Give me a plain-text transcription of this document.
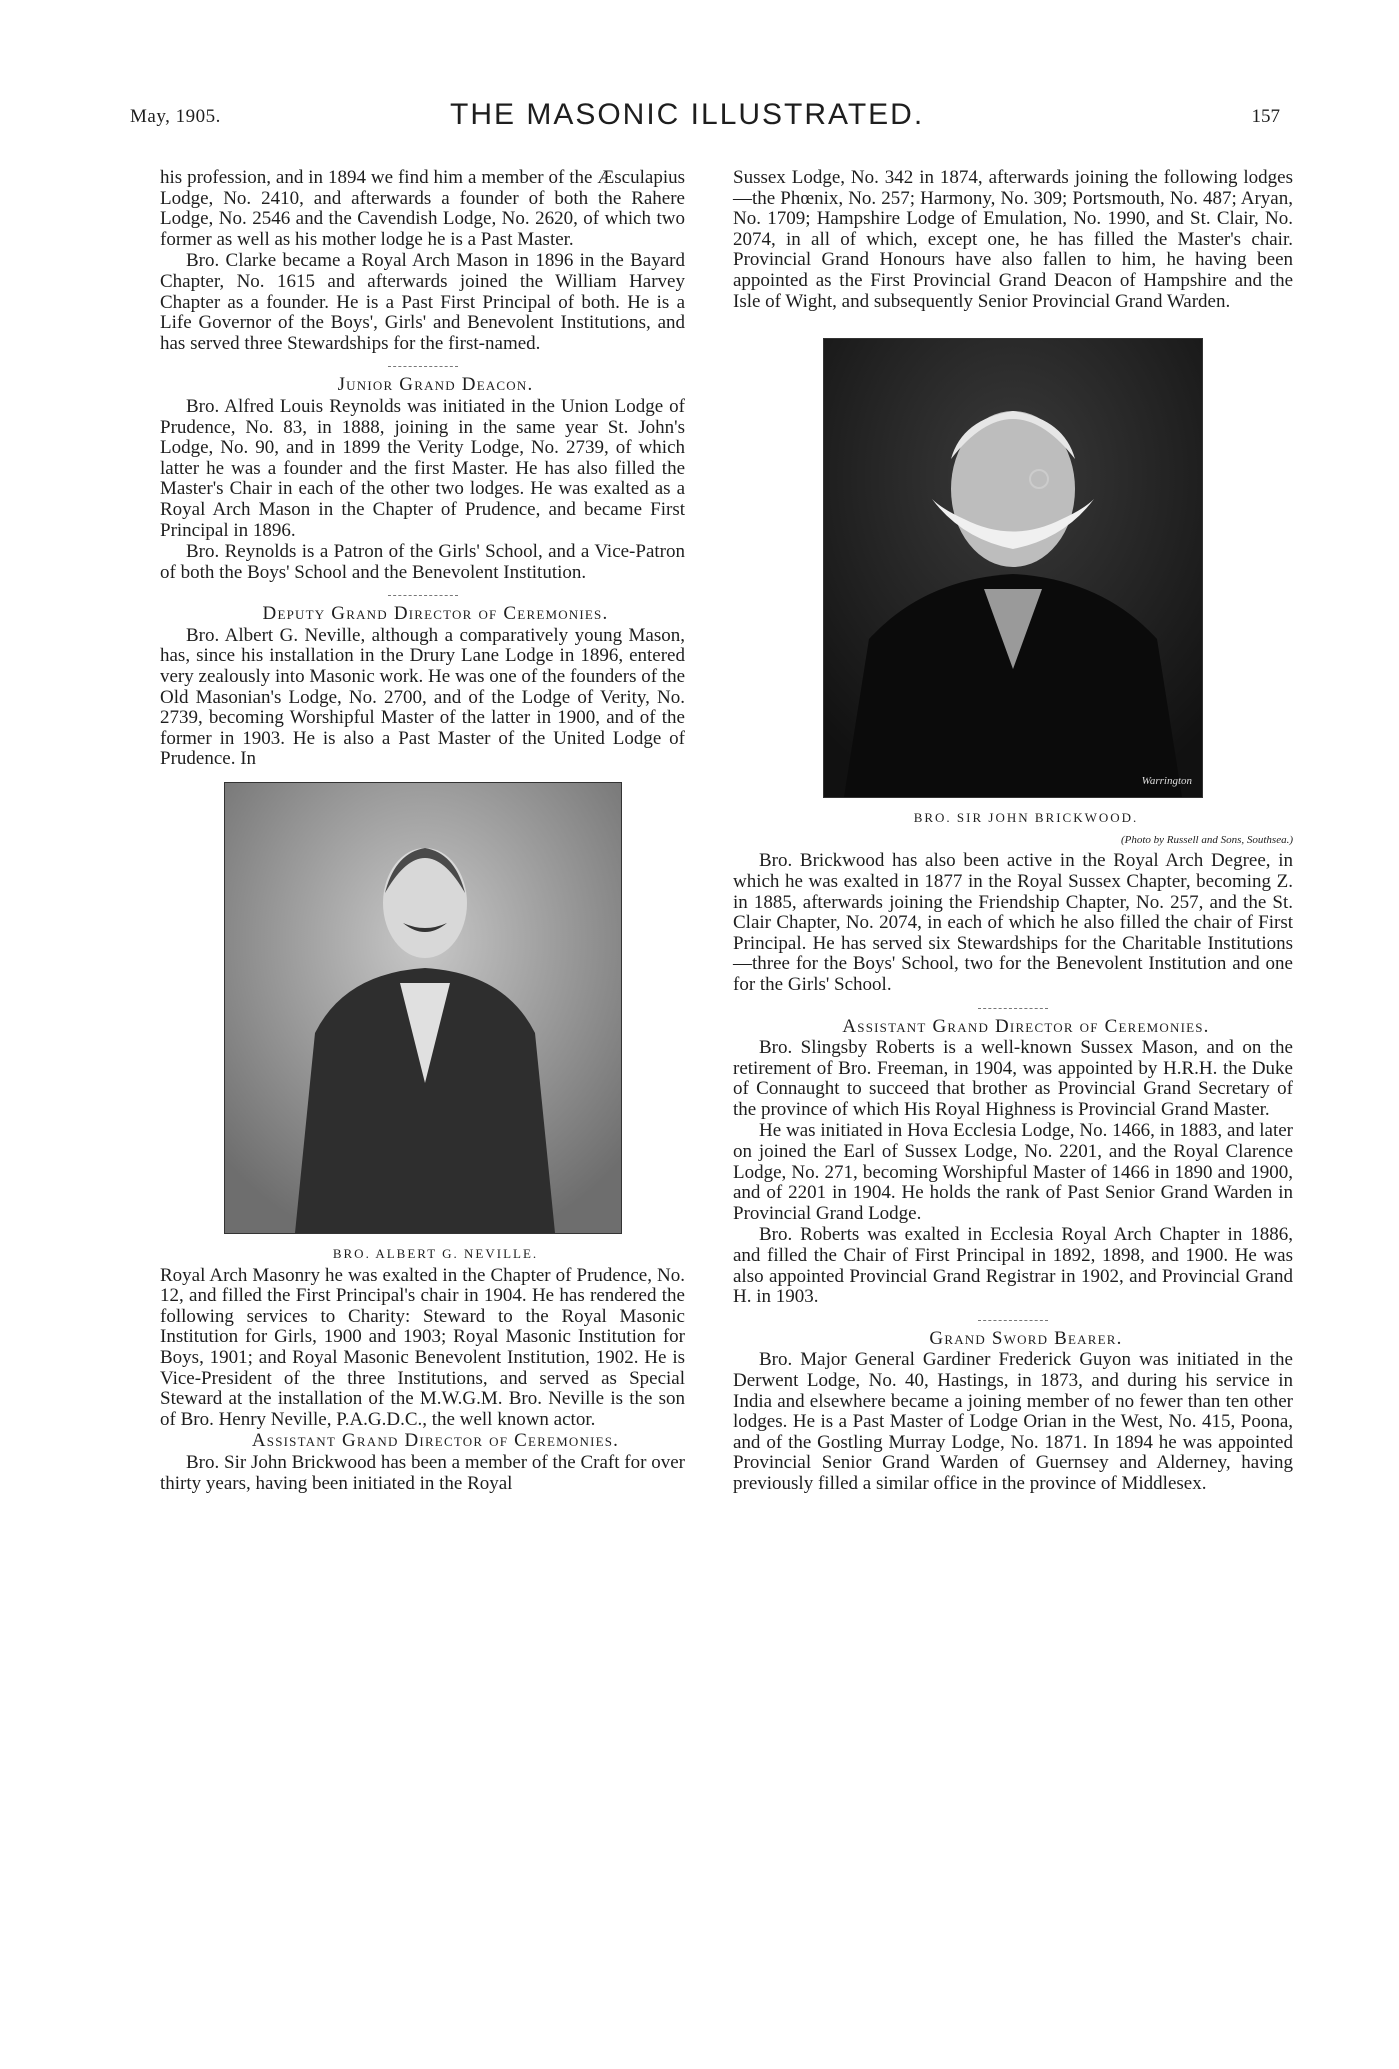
May, 1905.	THE MASONIC ILLUSTRATED.	157

his profession, and in 1894 we find him a member of the Æsculapius Lodge, No. 2410, and afterwards a founder of both the Rahere Lodge, No. 2546 and the Cavendish Lodge, No. 2620, of which two former as well as his mother lodge he is a Past Master.

Bro. Clarke became a Royal Arch Mason in 1896 in the Bayard Chapter, No. 1615 and afterwards joined the William Harvey Chapter as a founder. He is a Past First Principal of both. He is a Life Governor of the Boys', Girls' and Benevolent Institutions, and has served three Stewardships for the first-named.

Junior Grand Deacon.

Bro. Alfred Louis Reynolds was initiated in the Union Lodge of Prudence, No. 83, in 1888, joining in the same year St. John's Lodge, No. 90, and in 1899 the Verity Lodge, No. 2739, of which latter he was a founder and the first Master. He has also filled the Master's Chair in each of the other two lodges. He was exalted as a Royal Arch Mason in the Chapter of Prudence, and became First Principal in 1896.

Bro. Reynolds is a Patron of the Girls' School, and a Vice-Patron of both the Boys' School and the Benevolent Institution.

Deputy Grand Director of Ceremonies.

Bro. Albert G. Neville, although a comparatively young Mason, has, since his installation in the Drury Lane Lodge in 1896, entered very zealously into Masonic work. He was one of the founders of the Old Masonian's Lodge, No. 2700, and of the Lodge of Verity, No. 2739, becoming Worshipful Master of the latter in 1900, and of the former in 1903. He is also a Past Master of the United Lodge of Prudence. In

BRO. ALBERT G. NEVILLE.

Royal Arch Masonry he was exalted in the Chapter of Prudence, No. 12, and filled the First Principal's chair in 1904. He has rendered the following services to Charity: Steward to the Royal Masonic Institution for Girls, 1900 and 1903; Royal Masonic Institution for Boys, 1901; and Royal Masonic Benevolent Institution, 1902. He is Vice-President of the three Institutions, and served as Special Steward at the installation of the M.W.G.M. Bro. Neville is the son of Bro. Henry Neville, P.A.G.D.C., the well known actor.

Assistant Grand Director of Ceremonies.

Bro. Sir John Brickwood has been a member of the Craft for over thirty years, having been initiated in the Royal

Sussex Lodge, No. 342 in 1874, afterwards joining the following lodges—the Phœnix, No. 257; Harmony, No. 309; Portsmouth, No. 487; Aryan, No. 1709; Hampshire Lodge of Emulation, No. 1990, and St. Clair, No. 2074, in all of which, except one, he has filled the Master's chair. Provincial Grand Honours have also fallen to him, he having been appointed as the First Provincial Grand Deacon of Hampshire and the Isle of Wight, and subsequently Senior Provincial Grand Warden.

Warrington

BRO. SIR JOHN BRICKWOOD.

(Photo by Russell and Sons, Southsea.)

Bro. Brickwood has also been active in the Royal Arch Degree, in which he was exalted in 1877 in the Royal Sussex Chapter, becoming Z. in 1885, afterwards joining the Friendship Chapter, No. 257, and the St. Clair Chapter, No. 2074, in each of which he also filled the chair of First Principal. He has served six Stewardships for the Charitable Institutions—three for the Boys' School, two for the Benevolent Institution and one for the Girls' School.

Assistant Grand Director of Ceremonies.

Bro. Slingsby Roberts is a well-known Sussex Mason, and on the retirement of Bro. Freeman, in 1904, was appointed by H.R.H. the Duke of Connaught to succeed that brother as Provincial Grand Secretary of the province of which His Royal Highness is Provincial Grand Master.

He was initiated in Hova Ecclesia Lodge, No. 1466, in 1883, and later on joined the Earl of Sussex Lodge, No. 2201, and the Royal Clarence Lodge, No. 271, becoming Worshipful Master of 1466 in 1890 and 1900, and of 2201 in 1904. He holds the rank of Past Senior Grand Warden in Provincial Grand Lodge.

Bro. Roberts was exalted in Ecclesia Royal Arch Chapter in 1886, and filled the Chair of First Principal in 1892, 1898, and 1900. He was also appointed Provincial Grand Registrar in 1902, and Provincial Grand H. in 1903.

Grand Sword Bearer.

Bro. Major General Gardiner Frederick Guyon was initiated in the Derwent Lodge, No. 40, Hastings, in 1873, and during his service in India and elsewhere became a joining member of no fewer than ten other lodges. He is a Past Master of Lodge Orian in the West, No. 415, Poona, and of the Gostling Murray Lodge, No. 1871. In 1894 he was appointed Provincial Senior Grand Warden of Guernsey and Alderney, having previously filled a similar office in the province of Middlesex.
